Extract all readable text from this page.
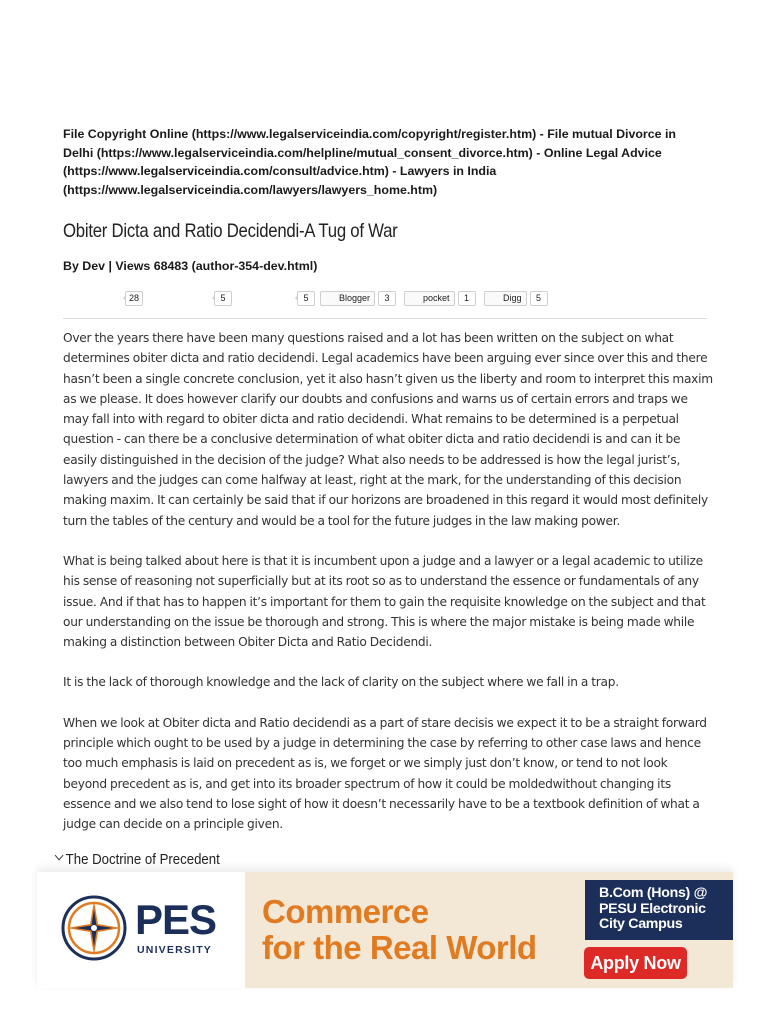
File Copyright Online (https://www.legalserviceindia.com/copyright/register.htm) - File mutual Divorce in Delhi (https://www.legalserviceindia.com/helpline/mutual_consent_divorce.htm) - Online Legal Advice (https://www.legalserviceindia.com/consult/advice.htm) - Lawyers in India (https://www.legalserviceindia.com/lawyers/lawyers_home.htm)
Obiter Dicta and Ratio Decidendi-A Tug of War
By Dev | Views 68483 (author-354-dev.html)
28	5	5	Blogger	3	pocket	1	Digg	5

Over the years there have been many questions raised and a lot has been written on the subject on what determines obiter dicta and ratio decidendi. Legal academics have been arguing ever since over this and there hasn’t been a single concrete conclusion, yet it also hasn’t given us the liberty and room to interpret this maxim as we please. It does however clarify our doubts and confusions and warns us of certain errors and traps we may fall into with regard to obiter dicta and ratio decidendi. What remains to be determined is a perpetual question - can there be a conclusive determination of what obiter dicta and ratio decidendi is and can it be easily distinguished in the decision of the judge? What also needs to be addressed is how the legal jurist’s, lawyers and the judges can come halfway at least, right at the mark, for the understanding of this decision making maxim. It can certainly be said that if our horizons are broadened in this regard it would most definitely turn the tables of the century and would be a tool for the future judges in the law making power.

What is being talked about here is that it is incumbent upon a judge and a lawyer or a legal academic to utilize his sense of reasoning not superficially but at its root so as to understand the essence or fundamentals of any issue. And if that has to happen it’s important for them to gain the requisite knowledge on the subject and that our understanding on the issue be thorough and strong. This is where the major mistake is being made while making a distinction between Obiter Dicta and Ratio Decidendi.

It is the lack of thorough knowledge and the lack of clarity on the subject where we fall in a trap.

When we look at Obiter dicta and Ratio decidendi as a part of stare decisis we expect it to be a straight forward principle which ought to be used by a judge in determining the case by referring to other case laws and hence too much emphasis is laid on precedent as is, we forget or we simply just don’t know, or tend to not look beyond precedent as is, and get into its broader spectrum of how it could be moldedwithout changing its essence and we also tend to lose sight of how it doesn’t necessarily have to be a textbook definition of what a judge can decide on a principle given.

The Doctrine of Precedent
PES
UNIVERSITY
Commerce
for the Real World
B.Com (Hons) @
PESU Electronic
City Campus
Apply Now
